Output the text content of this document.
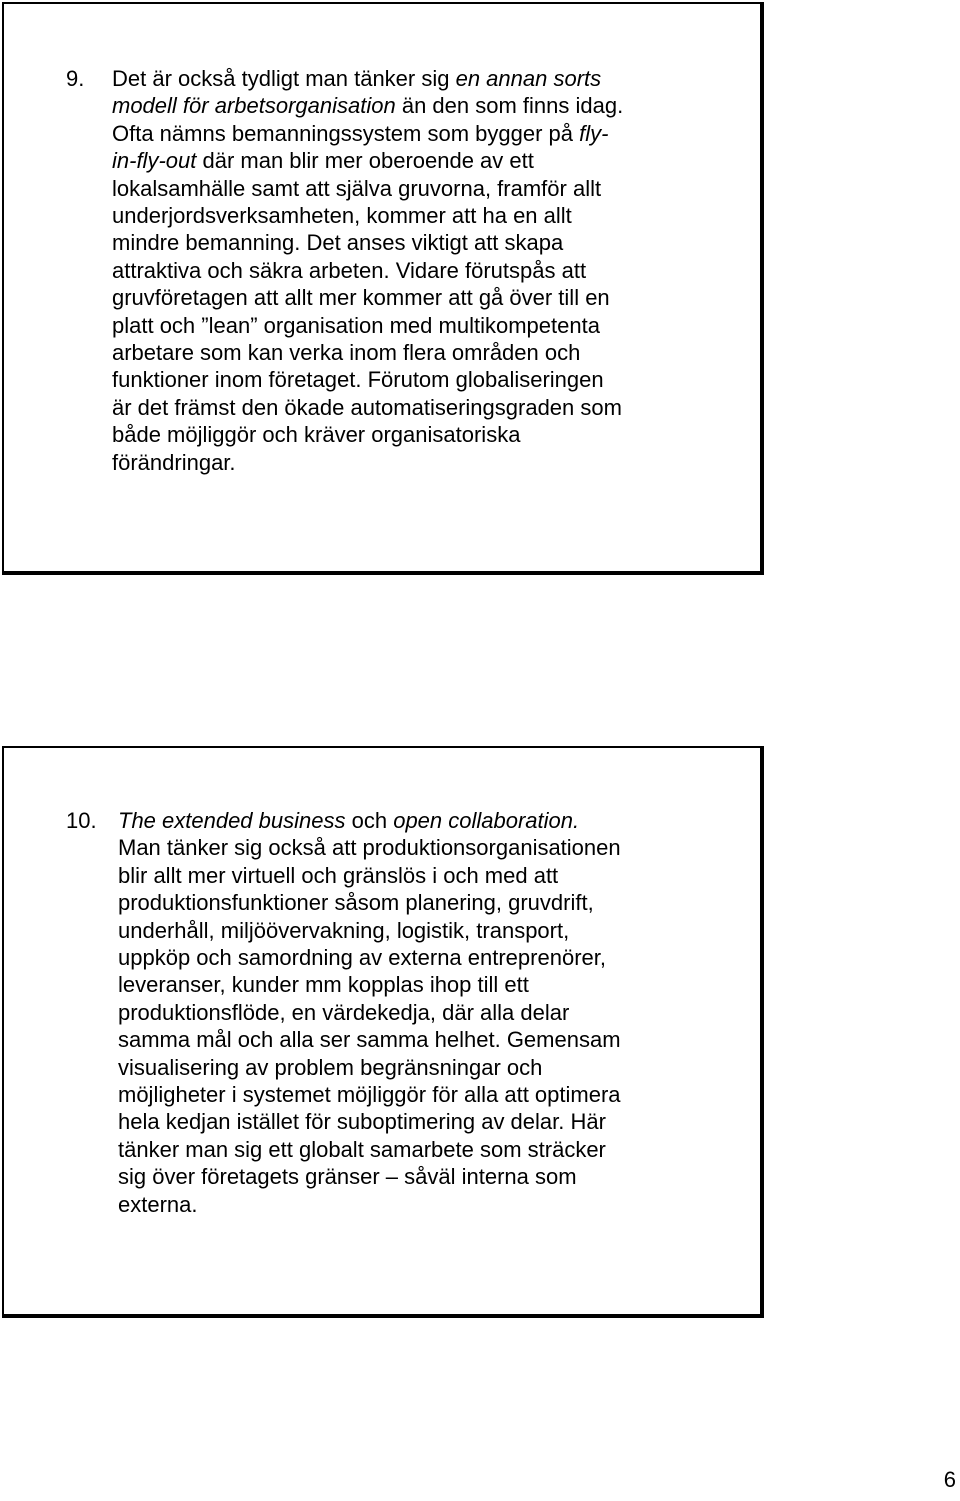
9. Det är också tydligt man tänker sig en annan sorts
modell för arbetsorganisation än den som finns idag.
Ofta nämns bemanningssystem som bygger på fly-
in-fly-out där man blir mer oberoende av ett
lokalsamhälle samt att själva gruvorna, framför allt
underjordsverksamheten, kommer att ha en allt
mindre bemanning. Det anses viktigt att skapa
attraktiva och säkra arbeten. Vidare förutspås att
gruvföretagen att allt mer kommer att gå över till en
platt och ”lean” organisation med multikompetenta
arbetare som kan verka inom flera områden och
funktioner inom företaget. Förutom globaliseringen
är det främst den ökade automatiseringsgraden som
både möjliggör och kräver organisatoriska
förändringar.
10. The extended business och open collaboration.
Man tänker sig också att produktionsorganisationen
blir allt mer virtuell och gränslös i och med att
produktionsfunktioner såsom planering, gruvdrift,
underhåll, miljöövervakning, logistik, transport,
uppköp och samordning av externa entreprenörer,
leveranser, kunder mm kopplas ihop till ett
produktionsflöde, en värdekedja, där alla delar
samma mål och alla ser samma helhet. Gemensam
visualisering av problem begränsningar och
möjligheter i systemet möjliggör för alla att optimera
hela kedjan istället för suboptimering av delar. Här
tänker man sig ett globalt samarbete som sträcker
sig över företagets gränser – såväl interna som
externa.
6
